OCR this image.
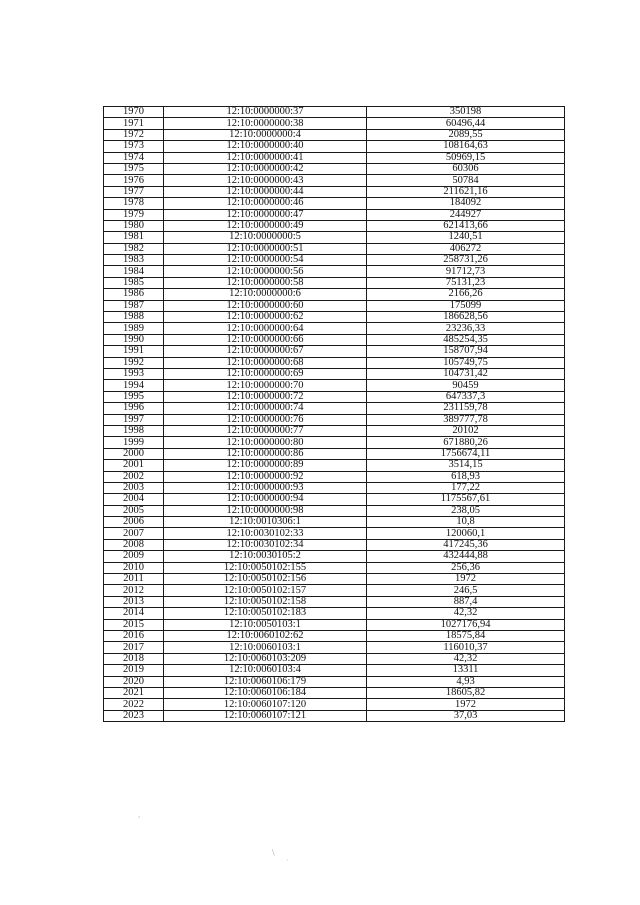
1970	12:10:0000000:37	350198
1971	12:10:0000000:38	60496,44
1972	12:10:0000000:4	2089,55
1973	12:10:0000000:40	108164,63
1974	12:10:0000000:41	50969,15
1975	12:10:0000000:42	60306
1976	12:10:0000000:43	50784
1977	12:10:0000000:44	211621,16
1978	12:10:0000000:46	184092
1979	12:10:0000000:47	244927
1980	12:10:0000000:49	621413,66
1981	12:10:0000000:5	1240,51
1982	12:10:0000000:51	406272
1983	12:10:0000000:54	258731,26
1984	12:10:0000000:56	91712,73
1985	12:10:0000000:58	75131,23
1986	12:10:0000000:6	2166,26
1987	12:10:0000000:60	175099
1988	12:10:0000000:62	186628,56
1989	12:10:0000000:64	23236,33
1990	12:10:0000000:66	485254,35
1991	12:10:0000000:67	158707,94
1992	12:10:0000000:68	105749,75
1993	12:10:0000000:69	104731,42
1994	12:10:0000000:70	90459
1995	12:10:0000000:72	647337,3
1996	12:10:0000000:74	231159,78
1997	12:10:0000000:76	389777,78
1998	12:10:0000000:77	20102
1999	12:10:0000000:80	671880,26
2000	12:10:0000000:86	1756674,11
2001	12:10:0000000:89	3514,15
2002	12:10:0000000:92	618,93
2003	12:10:0000000:93	177,22
2004	12:10:0000000:94	1175567,61
2005	12:10:0000000:98	238,05
2006	12:10:0010306:1	10,8
2007	12:10:0030102:33	120060,1
2008	12:10:0030102:34	417245,36
2009	12:10:0030105:2	432444,88
2010	12:10:0050102:155	256,36
2011	12:10:0050102:156	1972
2012	12:10:0050102:157	246,5
2013	12:10:0050102:158	887,4
2014	12:10:0050102:183	42,32
2015	12:10:0050103:1	1027176,94
2016	12:10:0060102:62	18575,84
2017	12:10:0060103:1	116010,37
2018	12:10:0060103:209	42,32
2019	12:10:0060103:4	13311
2020	12:10:0060106:179	4,93
2021	12:10:0060106:184	18605,82
2022	12:10:0060107:120	1972
2023	12:10:0060107:121	37,03
'
\
·
